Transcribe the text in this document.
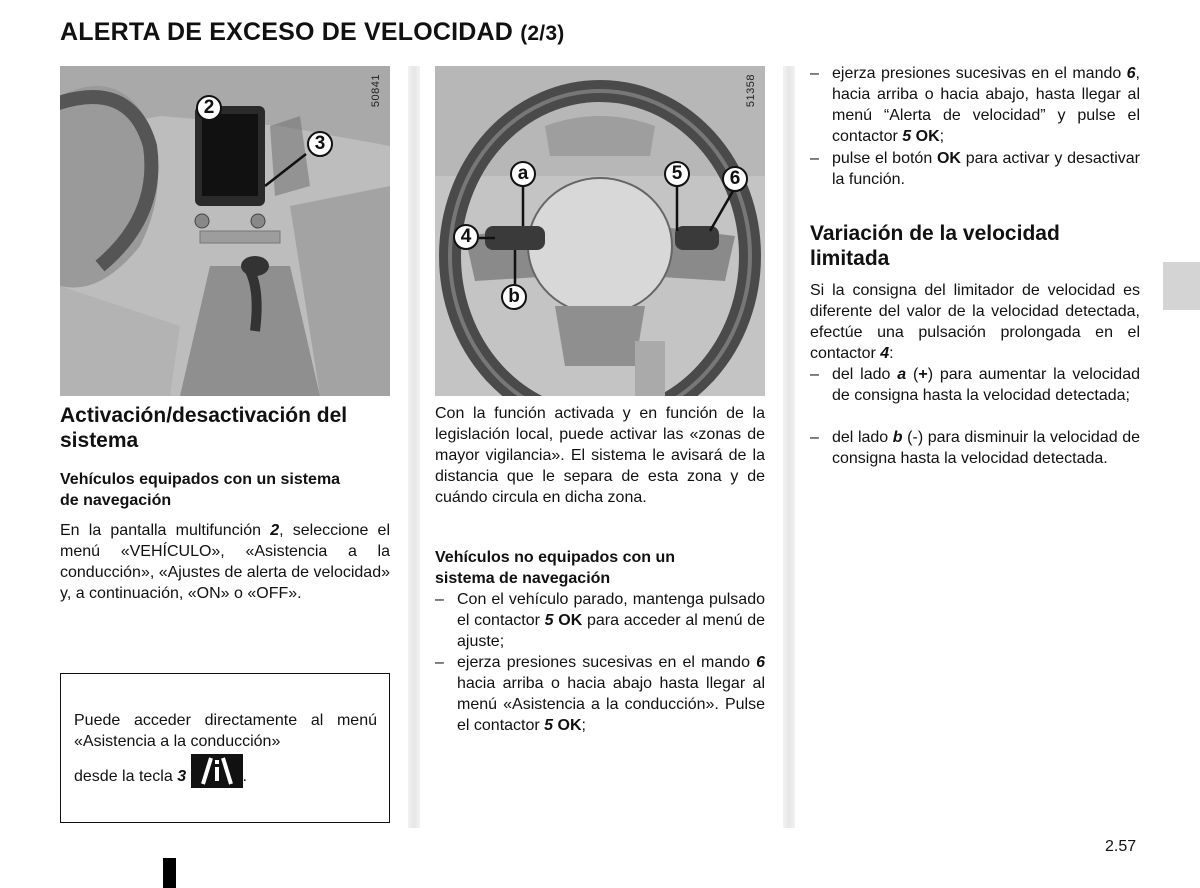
ALERTA DE EXCESO DE VELOCIDAD (2/3)
2
3
50841
a	5	6
4
b
51358
Activación/desactivación del sistema
Vehículos equipados con un sistema de navegación

En la pantalla multifunción 2, seleccione el menú «VEHÍCULO», «Asistencia a la conducción», «Ajustes de alerta de velocidad» y, a continuación, «ON» o «OFF».

Puede acceder directamente al menú «Asistencia a la conducción»

desde la tecla 3	.

Con la función activada y en función de la legislación local, puede activar las «zonas de mayor vigilancia». El sistema le avisará de la distancia que le separa de esta zona y de cuándo circula en dicha zona.

Vehículos no equipados con un sistema de navegación

– Con el vehículo parado, mantenga pulsado el contactor 5 OK para acceder al menú de ajuste;

– ejerza presiones sucesivas en el mando 6 hacia arriba o hacia abajo hasta llegar al menú «Asistencia a la conducción». Pulse el contactor 5 OK;

– ejerza presiones sucesivas en el mando 6, hacia arriba o hacia abajo, hasta llegar al menú “Alerta de velocidad” y pulse el contactor 5 OK;

– pulse el botón OK para activar y desactivar la función.

Variación de la velocidad limitada

Si la consigna del limitador de velocidad es diferente del valor de la velocidad detectada, efectúe una pulsación prolongada en el contactor 4:

– del lado a (+) para aumentar la velocidad de consigna hasta la velocidad detectada;

– del lado b (-) para disminuir la velocidad de consigna hasta la velocidad detectada.

2.57
